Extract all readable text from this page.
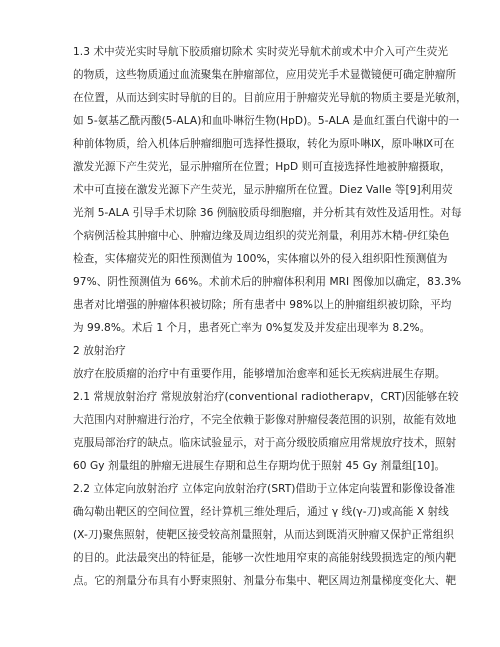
1.3 术中荧光实时导航下胶质瘤切除术 实时荧光导航术前或术中介入可产生荧光
的物质，这些物质通过血流聚集在肿瘤部位，应用荧光手术显微镜便可确定肿瘤所
在位置，从而达到实时导航的目的。目前应用于肿瘤荧光导航的物质主要是光敏剂，
如 5-氨基乙酰丙酸(5-ALA)和血卟啉衍生物(HpD)。5-ALA 是血红蛋白代谢中的一
种前体物质，给入机体后肿瘤细胞可选择性摄取，转化为原卟啉Ⅸ，原卟啉Ⅸ可在
激发光源下产生荧光，显示肿瘤所在位置；HpD 则可直接选择性地被肿瘤摄取，
术中可直接在激发光源下产生荧光，显示肿瘤所在位置。Diez Valle 等[9]利用荧
光剂 5-ALA 引导手术切除 36 例脑胶质母细胞瘤，并分析其有效性及适用性。对每
个病例活检其肿瘤中心、肿瘤边缘及周边组织的荧光剂量，利用苏木精-伊红染色
检查，实体瘤荧光的阳性预测值为 100%，实体瘤以外的侵入组织阳性预测值为
97%、阴性预测值为 66%。术前术后的肿瘤体积利用 MRI 图像加以确定，83.3%
患者对比增强的肿瘤体积被切除；所有患者中 98%以上的肿瘤组织被切除，平均
为 99.8%。术后 1 个月，患者死亡率为 0%复发及并发症出现率为 8.2%。
2 放射治疗
放疗在胶质瘤的治疗中有重要作用，能够增加治愈率和延长无疾病进展生存期。
2.1 常规放射治疗 常规放射治疗(conventional radiotherapv，CRT)因能够在较
大范围内对肿瘤进行治疗，不完全依赖于影像对肿瘤侵袭范围的识别，故能有效地
克服局部治疗的缺点。临床试验显示，对于高分级胶质瘤应用常规放疗技术，照射
60 Gy 剂量组的肿瘤无进展生存期和总生存期均优于照射 45 Gy 剂量组[10]。
2.2 立体定向放射治疗 立体定向放射治疗(SRT)借助于立体定向装置和影像设备准
确勾勒出靶区的空间位置，经计算机三维处理后，通过 γ 线(γ-刀)或高能 X 射线
(X-刀)聚焦照射，使靶区接受较高剂量照射，从而达到既消灭肿瘤又保护正常组织
的目的。此法最突出的特征是，能够一次性地用窄束的高能射线毁损选定的颅内靶
点。它的剂量分布具有小野束照射、剂量分布集中、靶区周边剂量梯度变化大、靶
